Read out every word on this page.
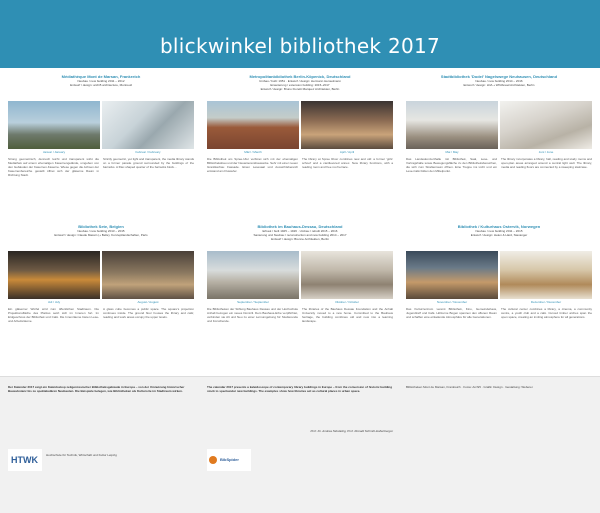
blickwinkel bibliothek 2017
Médiathèque Mont de Marsan, Frankreich
Neubau / new building 2011 – 2012
Entwurf / design: archi5 architecture, Montreuil
Januar / January	Februar / February
Strong geometrisch, dennoch leicht und transparent wirkt die Mediathek auf einem ehemaligen Kasernengelände, umgeben von den Gebäuden der Kasernen-Kaserne. Wiese gegen die Achsen der Kasernenbereiche gestellt öffnet sich der gläserne Raum in Richtung Stadt.
Strictly geometric, yet light and transparent, the media library stands on a former parade ground surrounded by the buildings of the barracks. A filter-shaped quarter of the barracks block...
Metropolitanbibliothek Berlin-Köpenick, Deutschland
Umbau / built: 1951 · Entwurf / design: Hermann Henselmann
Erweiterung / extension building: 2015–2017
Entwurf / design: Bruno Fioretti Marquez Architekten, Berlin
März / March	April / April
Die Bibliothek am Spree-Ufer verbinet sich mit der ehemaligen Bibliotheksbau und der Neuanierensbauwerke. Sehr mit einer neuen Granitkerbau Fassade. Einen Lesesaal und Aussichtsbereich entstand am Flussufer.
The library at Spree River combines new and old: a former 'girls' school' and a cantilevered annex. New library functions, with a reading room and free roof terrace.
Stadtbibliothek 'Dodel' Nagelswege Neuhausen, Deutschland
Neubau / new building 2014 – 2016
Entwurf / design: LDA + Whitbread Architekten, Berlin
Mai / May	Juni / June
Das Landeskonzerthalle mit Bibliothek, Saal, Lese- und Vortragshalle sowie Bewegungsfläche zu den Bibliotheksbereichen, die sich zum Straßenraum öffnen. Eine Treppe ins Licht und ein Lese-Café bilden den Mittelpunkt.
The library incorporates a library, hall, reading and study rooms and open-plan areas arranged around a central light well. The library, media and reading floors are connected by a sweeping staircase.
Bibliothek Sete, Belgien
Neubau / new building 2013 – 2015
Entwurf / design: Claude Massin (+ Belle), Konzeptlandschaften, Paris
Juli / July	August / August
Ein gläserner Würfel wird zum öffentlichen Stadtraum. Die Projektionsfläche des Platzes setzt sich im Inneren fort. Im Erdgeschoss der Bibliothek und Café. Die Innenräume bieten Lese- und Arbeitsräume.
A glass cube becomes a public space. The square's projection continues inside. The ground floor houses the library and café; reading and work areas occupy the upper levels.
Bibliothek im Bauhaus-Dessau, Deutschland
Erbaut / built 1925 – 1926 · Umbau / rebuilt 2015 – 2016
Sanierung und Neubau / reconstruction and new building 2014 – 2017
Entwurf / design: Brenne Architekten, Berlin
September / September	Oktober / October
Die Bibliotheken der Stiftung Bauhaus Dessau und der Hochschule Anhalt bezogen ein neues Domizil. Dem Bauhaus-Erbe verpflichtet, verbinden sie Alt und Neu zu einer Lernumgebung für Studierende und Forschende.
The libraries of the Bauhaus Dessau Foundation and the Anhalt University moved to a new home. Committed to the Bauhaus heritage, the building combines old and new into a learning landscape.
Bibliothek / Kulturhaus Ostervik, Norwegen
Neubau / new building 2011 – 2015
Entwurf / design: Helen & Hard, Stavanger
November / November	Dezember / December
Das Kulturzentrum vereint Bibliothek, Kino, Gemeindehaus, Jugendtreff und Café. Hölzerne Bogen spannen den offenen Raum und schaffen eine einladende Atmosphäre für alle Generationen.
The cultural center combines a library, a cinema, a community centre, a youth club and a café. Curved timber arches span the open space, creating an inviting atmosphere for all generations.
Der Kalender 2017 zeigt ein Kaleidoskop zeitgenössischer Bibliotheksgebäude in Europa – von der Umnutzung historischer Bausubstanz bis zu spektakulären Neubauten. Die Beispiele belegen, wie Bibliotheken als Kulturorte im Stadtraum wirken.
The calendar 2017 presents a kaleidoscope of contemporary library buildings in Europe – from the conversion of historic building stock to spectacular new buildings. The examples show how libraries act as cultural places in urban space.
Prof. Dr. Andrea Nikolaizig, Prof. Ronald Schmitt-Hollenberger
HTWK	Hochschule für Technik, Wirtschaft und Kultur Leipzig
BibSpider
Bibliotheken Mont de Marsan, Frankreich · Fotos: Archi5 · Grafik: Design · Gestaltung: Weberei
